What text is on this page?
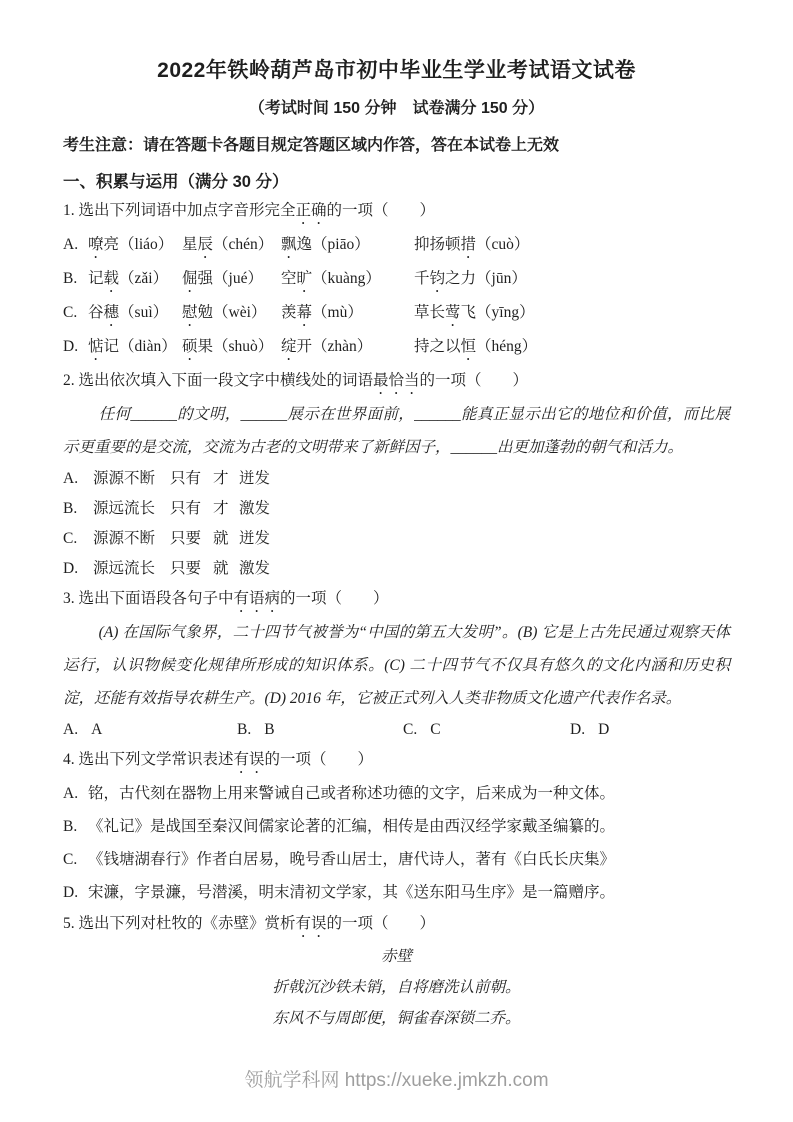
2022年铁岭葫芦岛市初中毕业生学业考试语文试卷
（考试时间 150 分钟　试卷满分 150 分）
考生注意：请在答题卡各题目规定答题区域内作答，答在本试卷上无效
一、积累与运用（满分 30 分）
1. 选出下列词语中加点字音形完全正确的一项（　　）
A. 嘹亮（liáo） 星辰（chén） 飘逸（piāo）	抑扬顿措（cuò）
B. 记载（zǎi） 倔强（jué）	空旷（kuàng）	千钧之力（jūn）
C. 谷穗（suì） 慰勉（wèi） 羡幕（mù）	草长莺飞（yīng）
D. 惦记（diàn） 硕果（shuò） 绽开（zhàn）	持之以恒（héng）
2. 选出依次填入下面一段文字中横线处的词语最恰当的一项（　　）

任何______的文明，______展示在世界面前，______能真正显示出它的地位和价值，而比展示更重要的是交流，交流为古老的文明带来了新鲜因子，______出更加蓬勃的朝气和活力。

A. 源源不断 只有 才 迸发
B.	源远流长 只有 才 激发
C.	源源不断 只要 就 迸发
D. 源远流长 只要 就 激发
3. 选出下面语段各句子中有语病的一项（　　）

(A) 在国际气象界，二十四节气被誉为“中国的第五大发明”。(B) 它是上古先民通过观察天体运行，认识物候变化规律所形成的知识体系。(C) 二十四节气不仅具有悠久的文化内涵和历史积淀，还能有效指导农耕生产。(D) 2016 年，它被正式列入人类非物质文化遗产代表作名录。

A. A	B. B	C. C	D. D
4. 选出下列文学常识表述有误的一项（　　）
A. 铭，古代刻在器物上用来警诫自己或者称述功德的文字，后来成为一种文体。
B. 《礼记》是战国至秦汉间儒家论著的汇编，相传是由西汉经学家戴圣编纂的。
C. 《钱塘湖春行》作者白居易，晚号香山居士，唐代诗人，著有《白氏长庆集》
D. 宋濂，字景濂，号潜溪，明末清初文学家，其《送东阳马生序》是一篇赠序。
5. 选出下列对杜牧的《赤壁》赏析有误的一项（　　）
赤壁
折戟沉沙铁未销，自将磨洗认前朝。
东风不与周郎便，铜雀春深锁二乔。
领航学科网 https://xueke.jmkzh.com
